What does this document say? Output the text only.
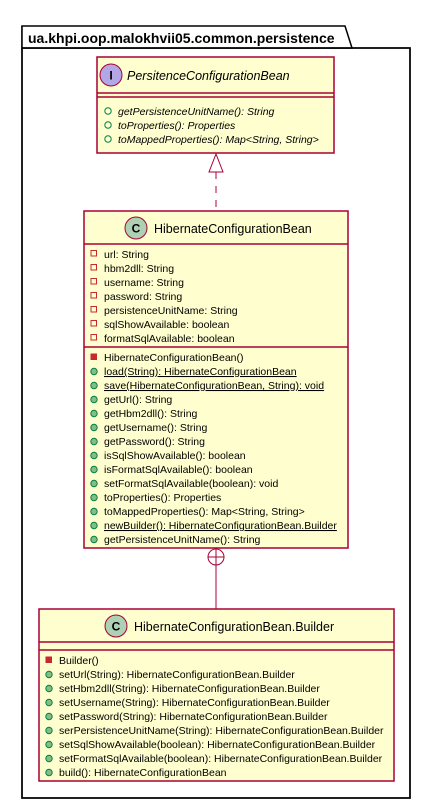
ua.khpi.oop.malokhvii05.common.persistence
I PersitenceConfigurationBean
getPersistenceUnitName(): String
toProperties(): Properties
toMappedProperties(): Map<String, String>
C HibernateConfigurationBean
url: String
hbm2dll: String
username: String
password: String
persistenceUnitName: String
sqlShowAvailable: boolean
formatSqlAvailable: boolean
HibernateConfigurationBean()
load(String): HibernateConfigurationBean
save(HibernateConfigurationBean, String): void
getUrl(): String
getHbm2dll(): String
getUsername(): String
getPassword(): String
isSqlShowAvailable(): boolean
isFormatSqlAvailable(): boolean
setFormatSqlAvailable(boolean): void
toProperties(): Properties
toMappedProperties(): Map<String, String>
newBuilder(): HibernateConfigurationBean.Builder
getPersistenceUnitName(): String
C HibernateConfigurationBean.Builder
Builder()
setUrl(String): HibernateConfigurationBean.Builder
setHbm2dll(String): HibernateConfigurationBean.Builder
setUsername(String): HibernateConfigurationBean.Builder
setPassword(String): HibernateConfigurationBean.Builder
serPersistenceUnitName(String): HibernateConfigurationBean.Builder
setSqlShowAvailable(boolean): HibernateConfigurationBean.Builder
setFormatSqlAvailable(boolean): HibernateConfigurationBean.Builder
build(): HibernateConfigurationBean
